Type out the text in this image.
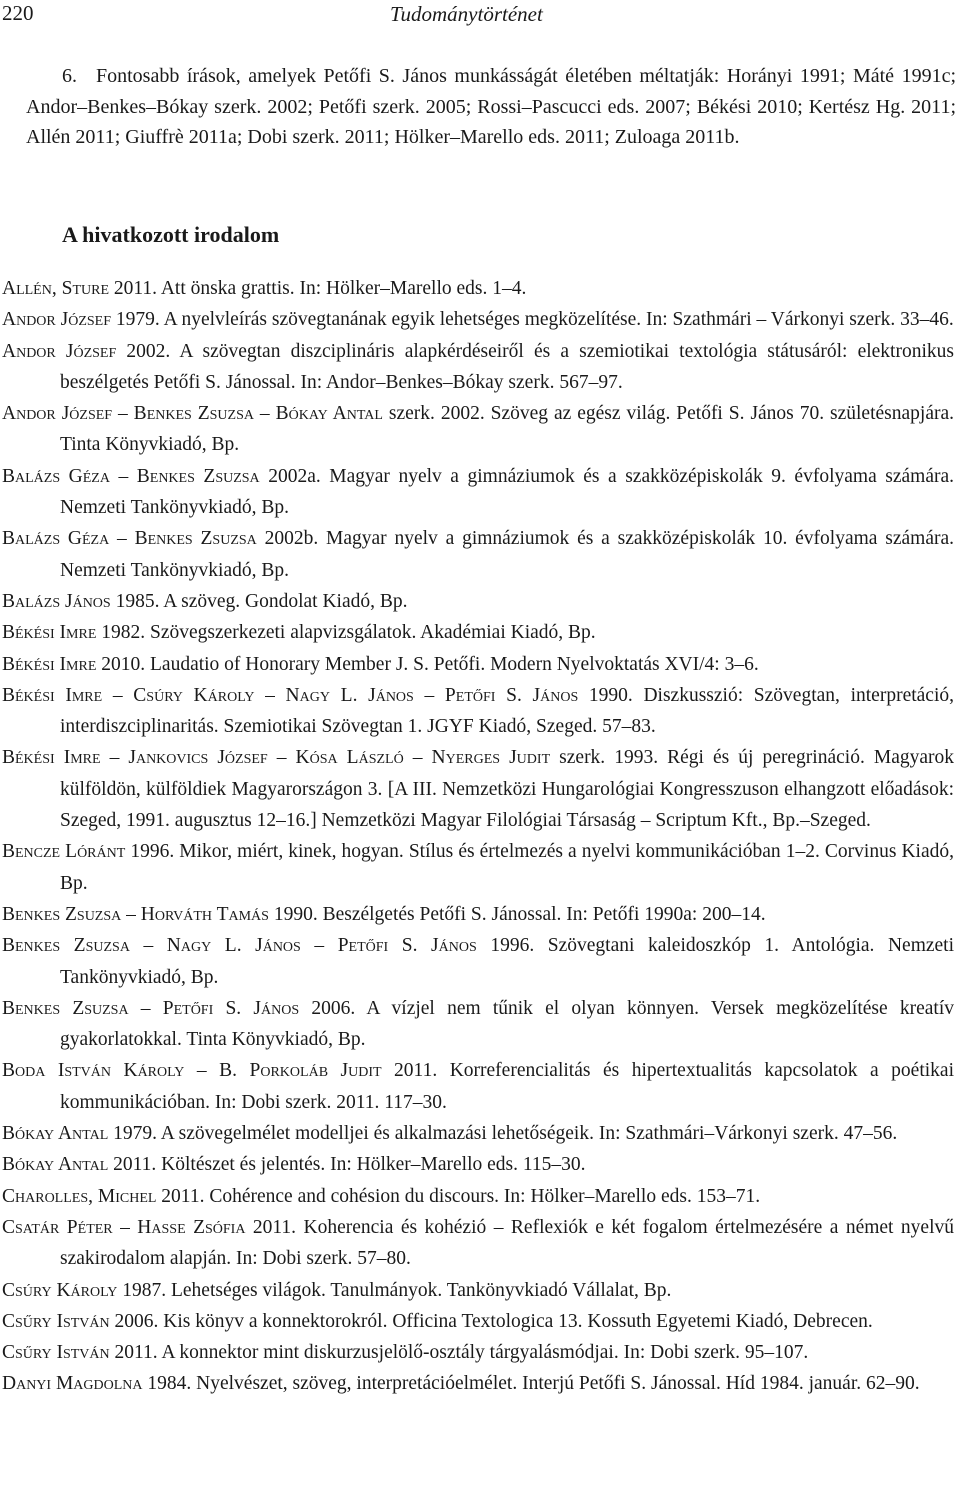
220	Tudománytörténet
6. Fontosabb írások, amelyek Petőfi S. János munkásságát életében méltatják: Horányi 1991; Máté 1991c; Andor–Benkes–Bókay szerk. 2002; Petőfi szerk. 2005; Rossi–Pascucci eds. 2007; Békési 2010; Kertész Hg. 2011; Allén 2011; Giuffrè 2011a; Dobi szerk. 2011; Hölker–Marello eds. 2011; Zuloaga 2011b.
A hivatkozott irodalom
Allén, Sture 2011. Att önska grattis. In: Hölker–Marello eds. 1–4.
Andor József 1979. A nyelvleírás szövegtanának egyik lehetséges megközelítése. In: Szathmári – Várkonyi szerk. 33–46.
Andor József 2002. A szövegtan diszciplináris alapkérdéseiről és a szemiotikai textológia státusáról: elektronikus beszélgetés Petőfi S. Jánossal. In: Andor–Benkes–Bókay szerk. 567–97.
Andor József – Benkes Zsuzsa – Bókay Antal szerk. 2002. Szöveg az egész világ. Petőfi S. János 70. születésnapjára. Tinta Könyvkiadó, Bp.
Balázs Géza – Benkes Zsuzsa 2002a. Magyar nyelv a gimnáziumok és a szakközépiskolák 9. évfolyama számára. Nemzeti Tankönyvkiadó, Bp.
Balázs Géza – Benkes Zsuzsa 2002b. Magyar nyelv a gimnáziumok és a szakközépiskolák 10. évfolyama számára. Nemzeti Tankönyvkiadó, Bp.
Balázs János 1985. A szöveg. Gondolat Kiadó, Bp.
Békési Imre 1982. Szövegszerkezeti alapvizsgálatok. Akadémiai Kiadó, Bp.
Békési Imre 2010. Laudatio of Honorary Member J. S. Petőfi. Modern Nyelvoktatás XVI/4: 3–6.
Békési Imre – Csúry Károly – Nagy L. János – Petőfi S. János 1990. Diszkusszió: Szövegtan, interpretáció, interdiszciplinaritás. Szemiotikai Szövegtan 1. JGYF Kiadó, Szeged. 57–83.
Békési Imre – Jankovics József – Kósa László – Nyerges Judit szerk. 1993. Régi és új peregrináció. Magyarok külföldön, külföldiek Magyarországon 3. [A III. Nemzetközi Hungarológiai Kongresszuson elhangzott előadások: Szeged, 1991. augusztus 12–16.] Nemzetközi Magyar Filológiai Társaság – Scriptum Kft., Bp.–Szeged.
Bencze Lóránt 1996. Mikor, miért, kinek, hogyan. Stílus és értelmezés a nyelvi kommunikációban 1–2. Corvinus Kiadó, Bp.
Benkes Zsuzsa – Horváth Tamás 1990. Beszélgetés Petőfi S. Jánossal. In: Petőfi 1990a: 200–14.
Benkes Zsuzsa – Nagy L. János – Petőfi S. János 1996. Szövegtani kaleidoszkóp 1. Antológia. Nemzeti Tankönyvkiadó, Bp.
Benkes Zsuzsa – Petőfi S. János 2006. A vízjel nem tűnik el olyan könnyen. Versek megközelítése kreatív gyakorlatokkal. Tinta Könyvkiadó, Bp.
Boda István Károly – B. Porkoláb Judit 2011. Korreferencialitás és hipertextualitás kapcsolatok a poétikai kommunikációban. In: Dobi szerk. 2011. 117–30.
Bókay Antal 1979. A szövegelmélet modelljei és alkalmazási lehetőségeik. In: Szathmári–Várkonyi szerk. 47–56.
Bókay Antal 2011. Költészet és jelentés. In: Hölker–Marello eds. 115–30.
Charolles, Michel 2011. Cohérence and cohésion du discours. In: Hölker–Marello eds. 153–71.
Csatár Péter – Hasse Zsófia 2011. Koherencia és kohézió – Reflexiók e két fogalom értelmezésére a német nyelvű szakirodalom alapján. In: Dobi szerk. 57–80.
Csúry Károly 1987. Lehetséges világok. Tanulmányok. Tankönyvkiadó Vállalat, Bp.
Csűry István 2006. Kis könyv a konnektorokról. Officina Textologica 13. Kossuth Egyetemi Kiadó, Debrecen.
Csűry István 2011. A konnektor mint diskurzusjelölő-osztály tárgyalásmódjai. In: Dobi szerk. 95–107.
Danyi Magdolna 1984. Nyelvészet, szöveg, interpretációelmélet. Interjú Petőfi S. Jánossal. Híd 1984. január. 62–90.
